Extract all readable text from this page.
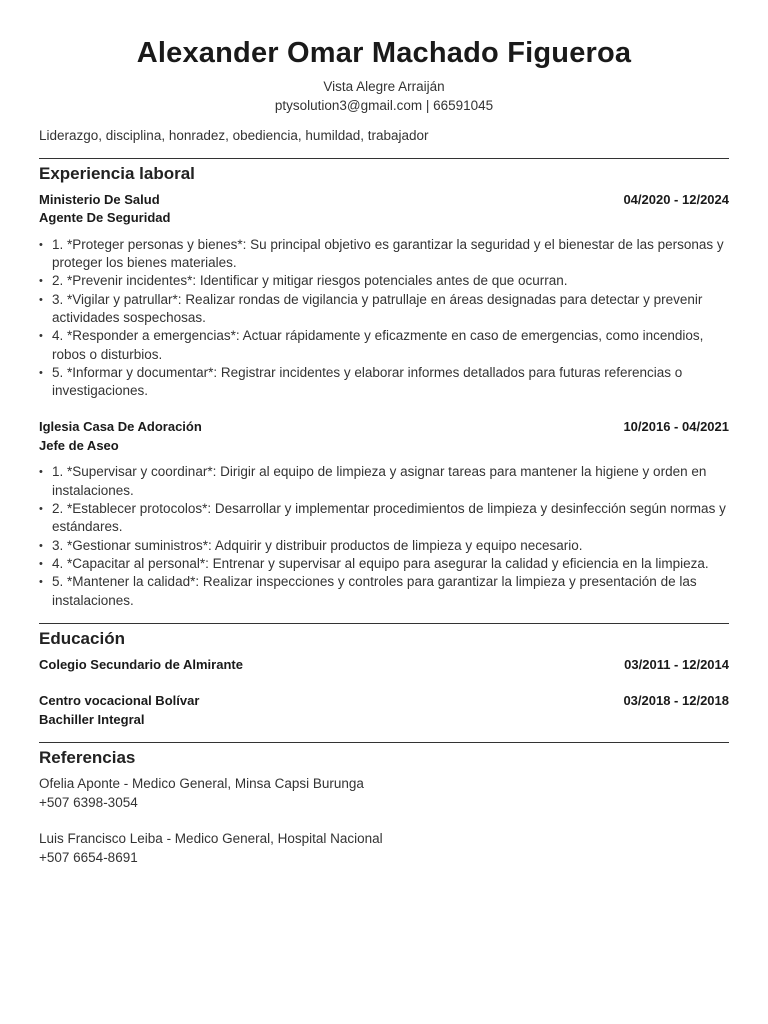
Alexander Omar Machado Figueroa
Vista Alegre Arraiján
ptysolution3@gmail.com | 66591045
Liderazgo, disciplina, honradez, obediencia, humildad, trabajador
Experiencia laboral
Ministerio De Salud	04/2020 - 12/2024
Agente De Seguridad
• 1. *Proteger personas y bienes*: Su principal objetivo es garantizar la seguridad y el bienestar de las personas y proteger los bienes materiales.
• 2. *Prevenir incidentes*: Identificar y mitigar riesgos potenciales antes de que ocurran.
• 3. *Vigilar y patrullar*: Realizar rondas de vigilancia y patrullaje en áreas designadas para detectar y prevenir actividades sospechosas.
• 4. *Responder a emergencias*: Actuar rápidamente y eficazmente en caso de emergencias, como incendios, robos o disturbios.
• 5. *Informar y documentar*: Registrar incidentes y elaborar informes detallados para futuras referencias o investigaciones.
Iglesia Casa De Adoración	10/2016 - 04/2021
Jefe de Aseo
• 1. *Supervisar y coordinar*: Dirigir al equipo de limpieza y asignar tareas para mantener la higiene y orden en instalaciones.
• 2. *Establecer protocolos*: Desarrollar y implementar procedimientos de limpieza y desinfección según normas y estándares.
• 3. *Gestionar suministros*: Adquirir y distribuir productos de limpieza y equipo necesario.
• 4. *Capacitar al personal*: Entrenar y supervisar al equipo para asegurar la calidad y eficiencia en la limpieza.
• 5. *Mantener la calidad*: Realizar inspecciones y controles para garantizar la limpieza y presentación de las instalaciones.
Educación
Colegio Secundario de Almirante	03/2011 - 12/2014
Centro vocacional Bolívar	03/2018 - 12/2018
Bachiller Integral
Referencias
Ofelia Aponte - Medico General, Minsa Capsi Burunga
+507 6398-3054
Luis Francisco Leiba - Medico General, Hospital Nacional
+507 6654-8691
